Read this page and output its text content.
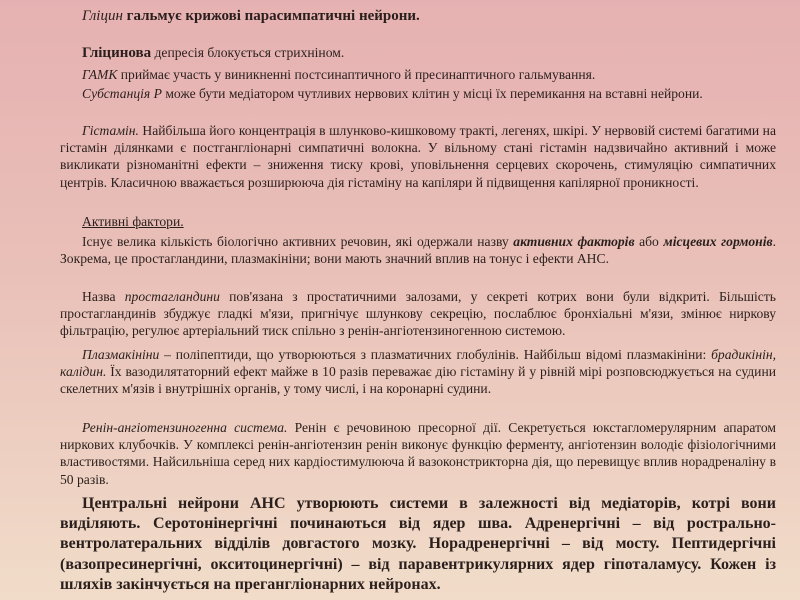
Гліцин гальмує крижові парасимпатичні нейрони.

Гліцинова депресія блокується стрихніном.

ГАМК приймає участь у виникненні постсинаптичного й пресинаптичного гальмування.

Субстанція Р може бути медіатором чутливих нервових клітин у місці їх перемикання на вставні нейрони.

Гістамін. Найбільша його концентрація в шлунково-кишковому тракті, легенях, шкірі. У нервовій системі багатими на гістамін ділянками є постгангліонарні симпатичні волокна. У вільному стані гістамін надзвичайно активний і може викликати різноманітні ефекти – зниження тиску крові, уповільнення серцевих скорочень, стимуляцію симпатичних центрів. Класичною вважається розширююча дія гістаміну на капіляри й підвищення капілярної проникності.

Активні фактори.

Існує велика кількість біологічно активних речовин, які одержали назву активних факторів або місцевих гормонів. Зокрема, це простагландини, плазмакініни; вони мають значний вплив на тонус і ефекти АНС.

Назва простагландини пов'язана з простатичними залозами, у секреті котрих вони були відкриті. Більшість простагландинів збуджує гладкі м'язи, пригнічує шлункову секрецію, послаблює бронхіальні м'язи, змінює ниркову фільтрацію, регулює артеріальний тиск спільно з ренін-ангіотензиногенною системою.

Плазмакініни – поліпептиди, що утворюються з плазматичних глобулінів. Найбільш відомі плазмакініни: брадикінін, калідин. Їх вазодилятаторний ефект майже в 10 разів переважає дію гістаміну й у рівній мірі розповсюджується на судини скелетних м'язів і внутрішніх органів, у тому числі, і на коронарні судини.

Ренін-ангіотензиногенна система. Ренін є речовиною пресорної дії. Секретується юкстагломерулярним апаратом ниркових клубочків. У комплексі ренін-ангіотензин ренін виконує функцію ферменту, ангіотензин володіє фізіологічними властивостями. Найсильніша серед них кардіостимулююча й вазоконстрикторна дія, що перевищує вплив норадреналіну в 50 разів.

Центральні нейрони АНС утворюють системи в залежності від медіаторів, котрі вони виділяють. Серотонінергічні починаються від ядер шва. Адренергічні – від рострально-вентролатеральних відділів довгастого мозку. Норадренергічні – від мосту. Пептидергічні (вазопресинергічні, окситоцинергічні) – від паравентрикулярних ядер гіпоталамусу. Кожен із шляхів закінчується на прегангліонарних нейронах.
